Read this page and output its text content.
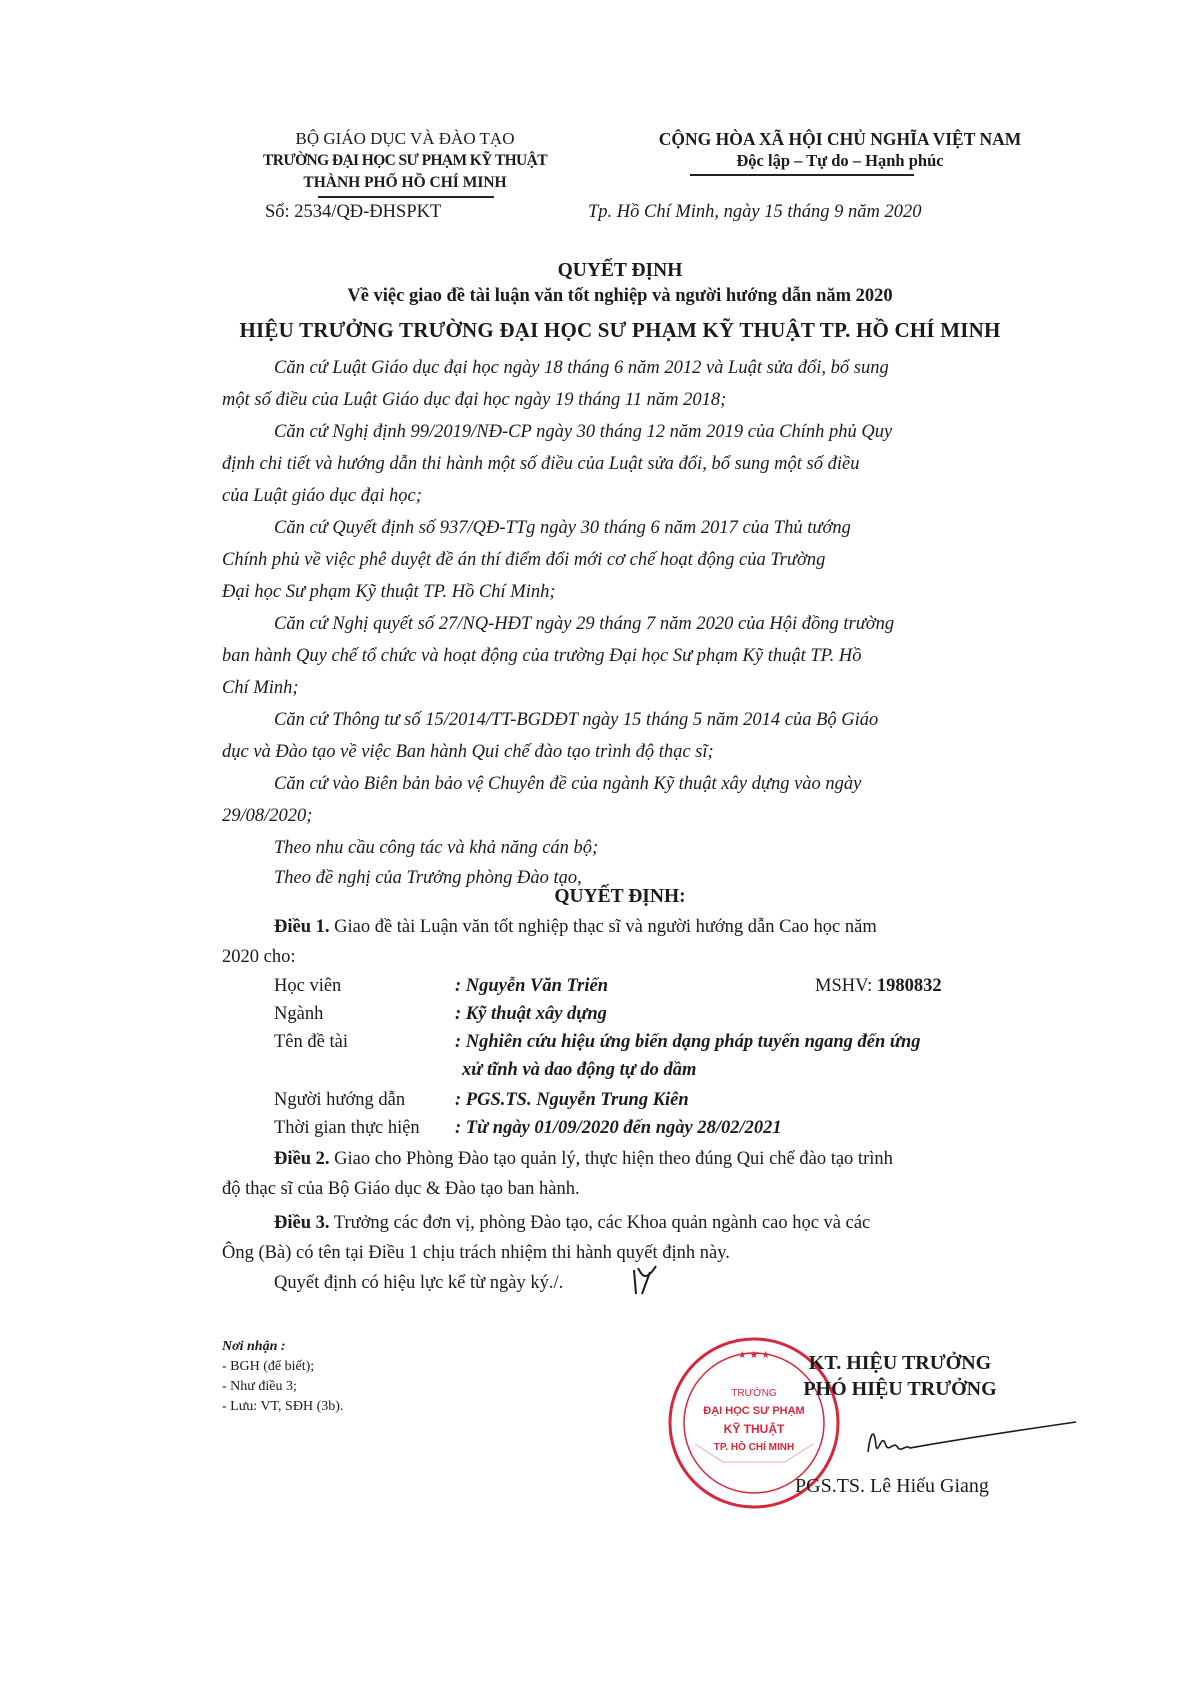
BỘ GIÁO DỤC VÀ ĐÀO TẠO
TRƯỜNG ĐẠI HỌC SƯ PHẠM KỸ THUẬT
THÀNH PHỐ HỒ CHÍ MINH
Số: 2534/QĐ-ĐHSPKT
CỘNG HÒA XÃ HỘI CHỦ NGHĨA VIỆT NAM
Độc lập – Tự do – Hạnh phúc
Tp. Hồ Chí Minh, ngày 15 tháng 9 năm 2020
QUYẾT ĐỊNH
Về việc giao đề tài luận văn tốt nghiệp và người hướng dẫn năm 2020
HIỆU TRƯỞNG TRƯỜNG ĐẠI HỌC SƯ PHẠM KỸ THUẬT TP. HỒ CHÍ MINH
Căn cứ Luật Giáo dục đại học ngày 18 tháng 6 năm 2012 và Luật sửa đổi, bổ sung
một số điều của Luật Giáo dục đại học ngày 19 tháng 11 năm 2018;
Căn cứ Nghị định 99/2019/NĐ-CP ngày 30 tháng 12 năm 2019 của Chính phủ Quy
định chi tiết và hướng dẫn thi hành một số điều của Luật sửa đổi, bổ sung một số điều
của Luật giáo dục đại học;
Căn cứ Quyết định số 937/QĐ-TTg ngày 30 tháng 6 năm 2017 của Thủ tướng
Chính phủ về việc phê duyệt đề án thí điểm đổi mới cơ chế hoạt động của Trường
Đại học Sư phạm Kỹ thuật TP. Hồ Chí Minh;
Căn cứ Nghị quyết số 27/NQ-HĐT ngày 29 tháng 7 năm 2020 của Hội đồng trường
ban hành Quy chế tổ chức và hoạt động của trường Đại học Sư phạm Kỹ thuật TP. Hồ
Chí Minh;
Căn cứ Thông tư số 15/2014/TT-BGDĐT ngày 15 tháng 5 năm 2014 của Bộ Giáo
dục và Đào tạo về việc Ban hành Qui chế đào tạo trình độ thạc sĩ;
Căn cứ vào Biên bản bảo vệ Chuyên đề của ngành Kỹ thuật xây dựng vào ngày
29/08/2020;
Theo nhu cầu công tác và khả năng cán bộ;
Theo đề nghị của Trưởng phòng Đào tạo,
QUYẾT ĐỊNH:
Điều 1. Giao đề tài Luận văn tốt nghiệp thạc sĩ và người hướng dẫn Cao học năm
2020 cho:
Học viên	: Nguyễn Văn Triển	MSHV: 1980832
Ngành	: Kỹ thuật xây dựng
Tên đề tài	: Nghiên cứu hiệu ứng biến dạng pháp tuyến ngang đến ứng
xử tĩnh và dao động tự do dầm
Người hướng dẫn	: PGS.TS. Nguyễn Trung Kiên
Thời gian thực hiện : Từ ngày 01/09/2020 đến ngày 28/02/2021
Điều 2. Giao cho Phòng Đào tạo quản lý, thực hiện theo đúng Qui chế đào tạo trình
độ thạc sĩ của Bộ Giáo dục & Đào tạo ban hành.
Điều 3. Trưởng các đơn vị, phòng Đào tạo, các Khoa quản ngành cao học và các
Ông (Bà) có tên tại Điều 1 chịu trách nhiệm thi hành quyết định này.
Quyết định có hiệu lực kể từ ngày ký./.
Nơi nhận :
- BGH (để biết);
- Như điều 3;
- Lưu: VT, SĐH (3b).
★ ★ ★
TRƯỜNG
ĐẠI HỌC SƯ PHẠM
KỸ THUẬT
TP. HỒ CHÍ MINH
KT. HIỆU TRƯỞNG
PHÓ HIỆU TRƯỞNG
PGS.TS. Lê Hiếu Giang
